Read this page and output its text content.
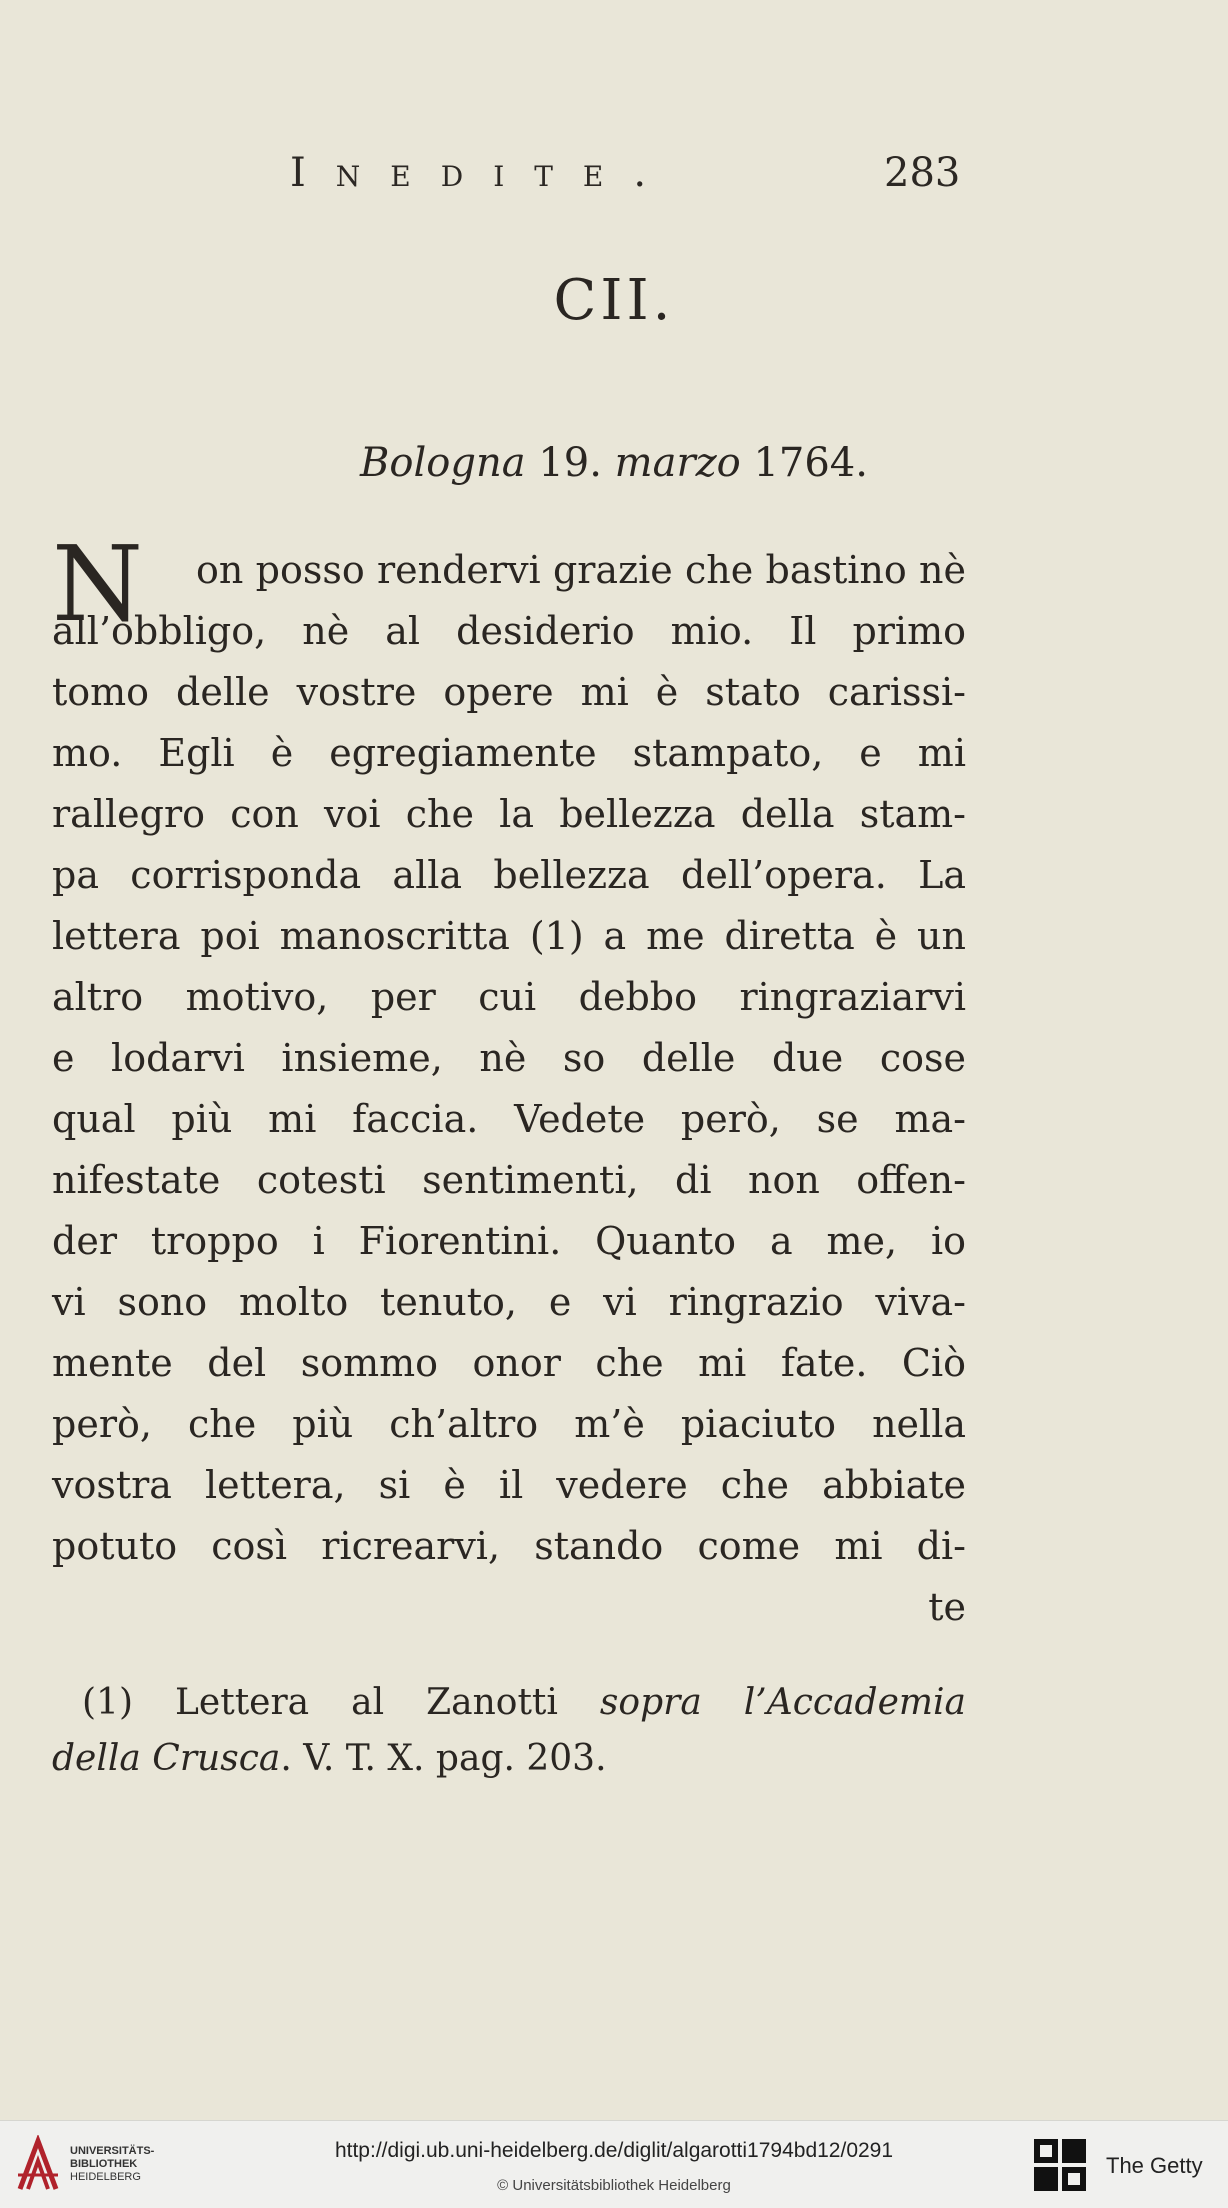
Inedite.	283
CII.
Bologna 19. marzo 1764.
N	on posso rendervi grazie che bastino nè
all’obbligo, nè al desiderio mio. Il primo
tomo delle vostre opere mi è stato carissi-
mo. Egli è egregiamente stampato, e mi
rallegro con voi che la bellezza della stam-
pa corrisponda alla bellezza dell’opera. La
lettera poi manoscritta (1) a me diretta è un
altro motivo, per cui debbo ringraziarvi
e lodarvi insieme, nè so delle due cose
qual più mi faccia. Vedete però, se ma-
nifestate cotesti sentimenti, di non offen-
der troppo i Fiorentini. Quanto a me, io
vi sono molto tenuto, e vi ringrazio viva-
mente del sommo onor che mi fate. Ciò
però, che più ch’altro m’è piaciuto nella
vostra lettera, si è il vedere che abbiate
potuto così ricrearvi, stando come mi di-
te
(1) Lettera al Zanotti sopra l’Accademia
della Crusca. V. T. X. pag. 203.
UNIVERSITÄTS-
BIBLIOTHEK
HEIDELBERG
http://digi.ub.uni-heidelberg.de/diglit/algarotti1794bd12/0291
© Universitätsbibliothek Heidelberg
The Getty
